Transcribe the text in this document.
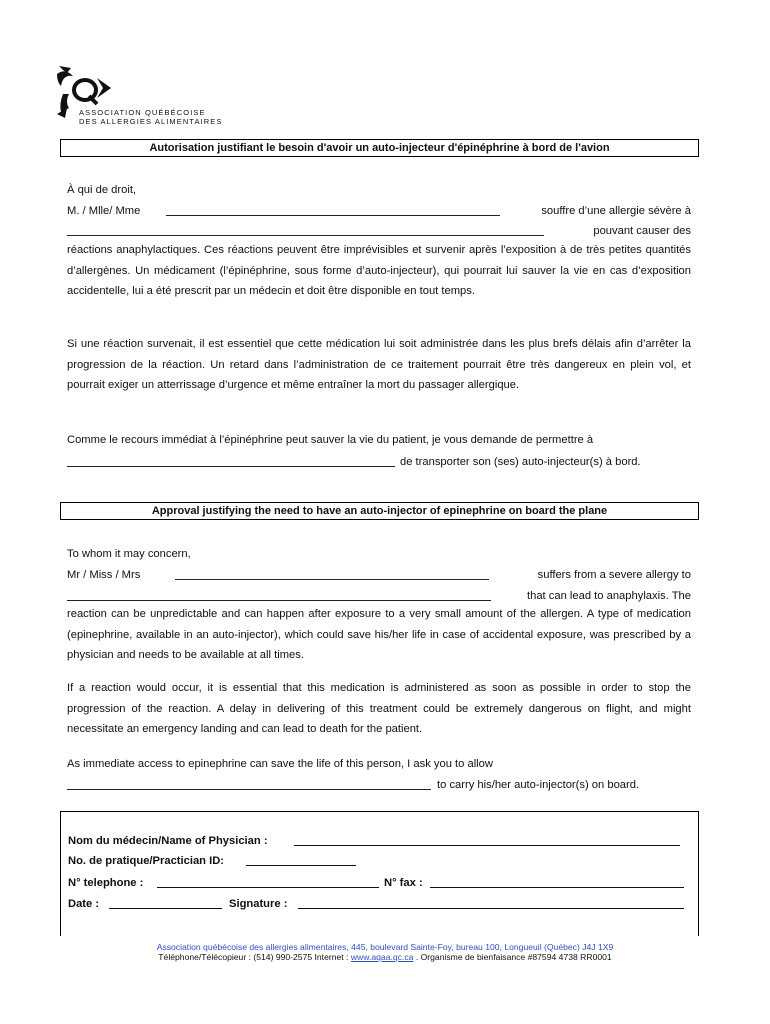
ASSOCIATION QUÉBÉCOISE
DES ALLERGIES ALIMENTAIRES
Autorisation justifiant le besoin d'avoir un auto-injecteur d'épinéphrine à bord de l'avion
À qui de droit,
M. / Mlle/ Mme	souffre d’une allergie sévère à
pouvant causer des

réactions anaphylactiques. Ces réactions peuvent être imprévisibles et survenir après l’exposition à de très petites quantités d’allergènes. Un médicament (l’épinéphrine, sous forme d’auto-injecteur), qui pourrait lui sauver la vie en cas d’exposition accidentelle, lui a été prescrit par un médecin et doit être disponible en tout temps.

Si une réaction survenait, il est essentiel que cette médication lui soit administrée dans les plus brefs délais afin d’arrêter la progression de la réaction. Un retard dans l’administration de ce traitement pourrait être très dangereux en plein vol, et pourrait exiger un atterrissage d’urgence et même entraîner la mort du passager allergique.

Comme le recours immédiat à l’épinéphrine peut sauver la vie du patient, je vous demande de permettre à

de transporter son (ses) auto-injecteur(s) à bord.
Approval justifying the need to have an auto-injector of epinephrine on board the plane
To whom it may concern,
Mr / Miss / Mrs	suffers from a severe allergy to
that can lead to anaphylaxis. The

reaction can be unpredictable and can happen after exposure to a very small amount of the allergen. A type of medication (epinephrine, available in an auto-injector), which could save his/her life in case of accidental exposure, was prescribed by a physician and needs to be available at all times.

If a reaction would occur, it is essential that this medication is administered as soon as possible in order to stop the progression of the reaction. A delay in delivering of this treatment could be extremely dangerous on flight, and might necessitate an emergency landing and can lead to death for the patient.

As immediate access to epinephrine can save the life of this person, I ask you to allow

to carry his/her auto-injector(s) on board.
Nom du médecin/Name of Physician :
No. de pratique/Practician ID:
N° telephone :	N° fax :
Date :	Signature :
Association québécoise des allergies alimentaires, 445, boulevard Sainte-Foy, bureau 100, Longueuil (Québec) J4J 1X9
Téléphone/Télécopieur : (514) 990-2575 Internet : www.aqaa.qc.ca . Organisme de bienfaisance #87594 4738 RR0001
